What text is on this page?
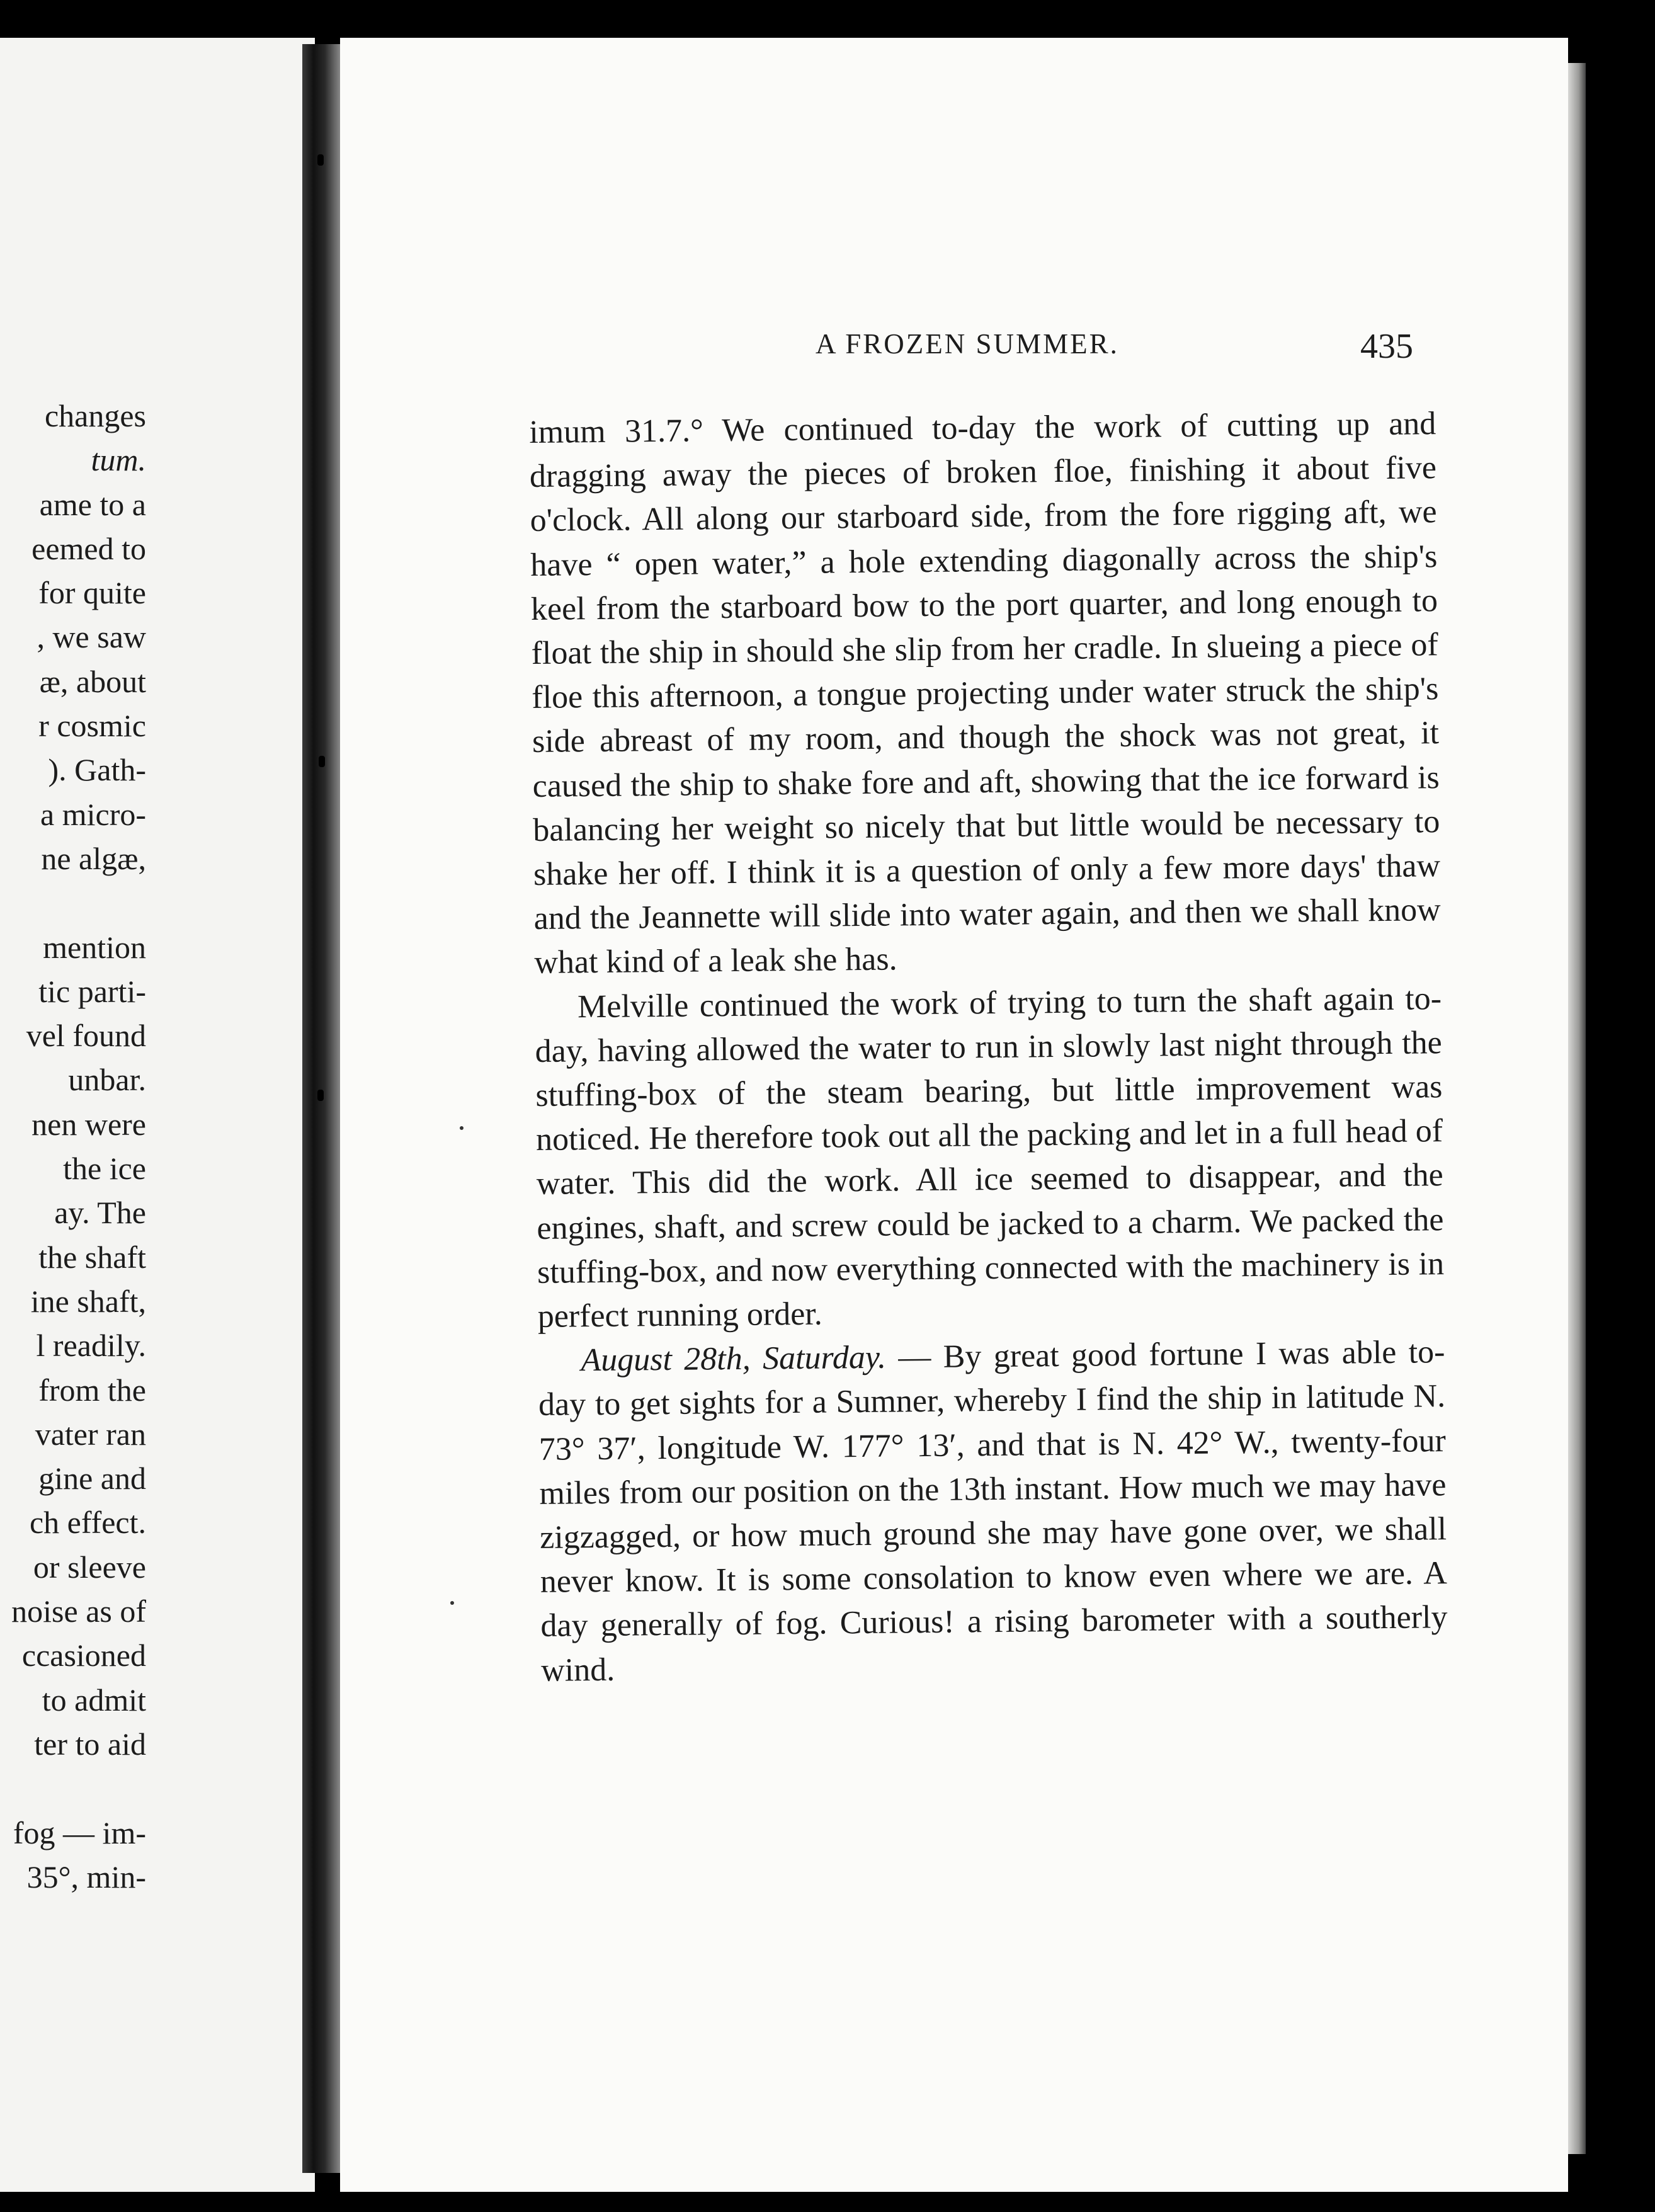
changes
tum.
ame to a
eemed to
for quite
, we saw
æ, about
r cosmic
). Gath-
a micro-
ne algæ,
mention
tic parti-
vel found
unbar.
nen were
the ice
ay. The
the shaft
ine shaft,
l readily.
from the
vater ran
gine and
ch effect.
or sleeve
noise as of
ccasioned
to admit
ter to aid
fog — im-
35°, min-
A FROZEN SUMMER.	435

imum 31.7.° We continued to-day the work of cutting up and dragging away the pieces of broken floe, finishing it about five o'clock. All along our starboard side, from the fore rigging aft, we have “ open water,” a hole extending diagonally across the ship's keel from the starboard bow to the port quarter, and long enough to float the ship in should she slip from her cradle. In slueing a piece of floe this afternoon, a tongue projecting under water struck the ship's side abreast of my room, and though the shock was not great, it caused the ship to shake fore and aft, showing that the ice forward is balancing her weight so nicely that but little would be necessary to shake her off. I think it is a question of only a few more days' thaw and the Jeannette will slide into water again, and then we shall know what kind of a leak she has.

Melville continued the work of trying to turn the shaft again to-day, having allowed the water to run in slowly last night through the stuffing-box of the steam bearing, but little improvement was noticed. He therefore took out all the packing and let in a full head of water. This did the work. All ice seemed to disappear, and the engines, shaft, and screw could be jacked to a charm. We packed the stuffing-box, and now everything connected with the machinery is in perfect running order.

August 28th, Saturday. — By great good fortune I was able to-day to get sights for a Sumner, whereby I find the ship in latitude N. 73° 37′, longitude W. 177° 13′, and that is N. 42° W., twenty-four miles from our position on the 13th instant. How much we may have zigzagged, or how much ground she may have gone over, we shall never know. It is some consolation to know even where we are. A day generally of fog. Curious! a rising barometer with a southerly wind.
